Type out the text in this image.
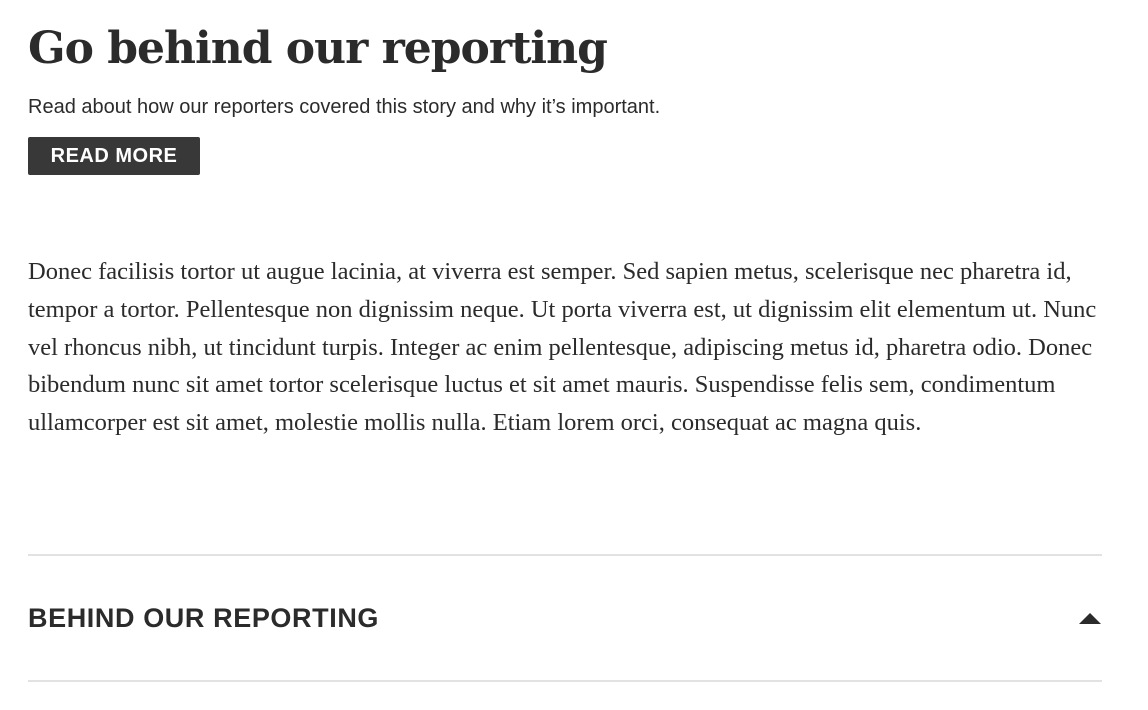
Go behind our reporting

Read about how our reporters covered this story and why it’s important.

READ MORE

Donec facilisis tortor ut augue lacinia, at viverra est semper. Sed sapien metus, scelerisque nec pharetra id, tempor a tortor. Pellentesque non dignissim neque. Ut porta viverra est, ut dignissim elit elementum ut. Nunc vel rhoncus nibh, ut tincidunt turpis. Integer ac enim pellentesque, adipiscing metus id, pharetra odio. Donec bibendum nunc sit amet tortor scelerisque luctus et sit amet mauris. Suspendisse felis sem, condimentum ullamcorper est sit amet, molestie mollis nulla. Etiam lorem orci, consequat ac magna quis.

BEHIND OUR REPORTING
